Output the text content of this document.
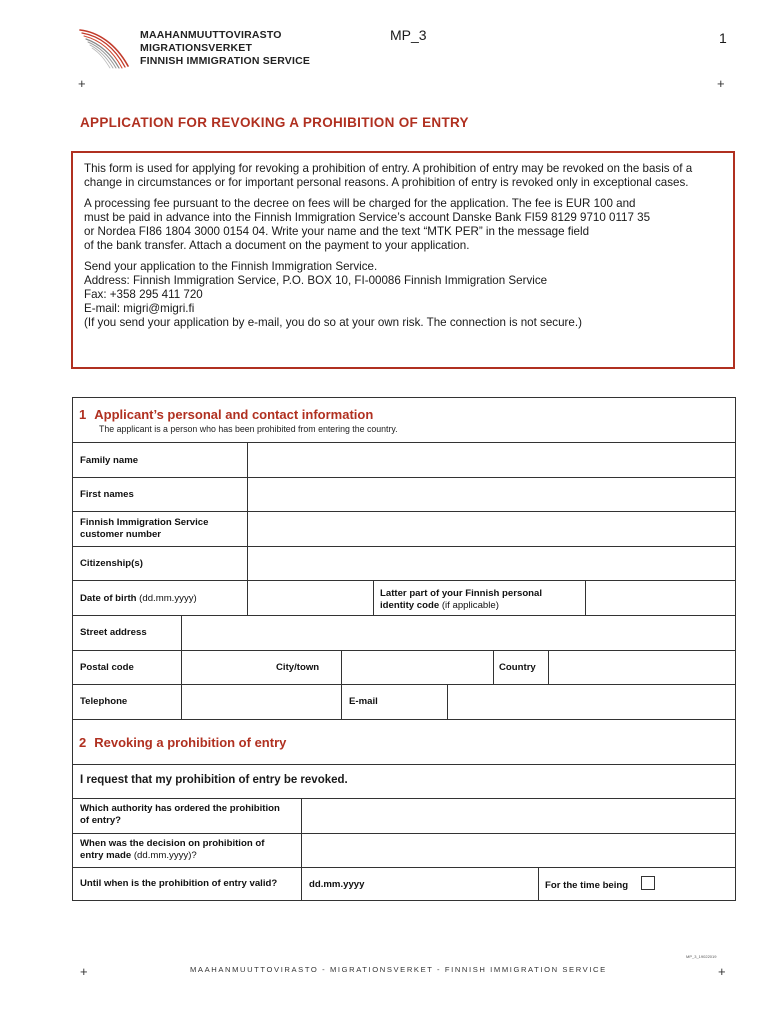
MAAHANMUUTTOVIRASTO
MIGRATIONSVERKET
FINNISH IMMIGRATION SERVICE
MP_3	1
+	+
APPLICATION FOR REVOKING A PROHIBITION OF ENTRY

This form is used for applying for revoking a prohibition of entry. A prohibition of entry may be revoked on the basis of a change in circumstances or for important personal reasons. A prohibition of entry is revoked only in exceptional cases.

A processing fee pursuant to the decree on fees will be charged for the application. The fee is EUR 100 and
must be paid in advance into the Finnish Immigration Service’s account Danske Bank FI59 8129 9710 0117 35
or Nordea FI86 1804 3000 0154 04. Write your name and the text “MTK PER” in the message field
of the bank transfer. Attach a document on the payment to your application.

Send your application to the Finnish Immigration Service.
Address: Finnish Immigration Service, P.O. BOX 10, FI-00086 Finnish Immigration Service
Fax: +358 295 411 720
E-mail: migri@migri.fi
(If you send your application by e-mail, you do so at your own risk. The connection is not secure.)

1 Applicant’s personal and contact information
The applicant is a person who has been prohibited from entering the country.
Family name
First names
Finnish Immigration Service
customer number
Citizenship(s)
Date of birth (dd.mm.yyyy)	Latter part of your Finnish personal
identity code (if applicable)
Street address
Postal code	City/town	Country
Telephone	E-mail
2 Revoking a prohibition of entry
I request that my prohibition of entry be revoked.
Which authority has ordered the prohibition
of entry?
When was the decision on prohibition of
entry made (dd.mm.yyyy)?
Until when is the prohibition of entry valid?	dd.mm.yyyy	For the time being
MP_3_19022019
+	MAAHANMUUTTOVIRASTO - MIGRATIONSVERKET - FINNISH IMMIGRATION SERVICE	+
